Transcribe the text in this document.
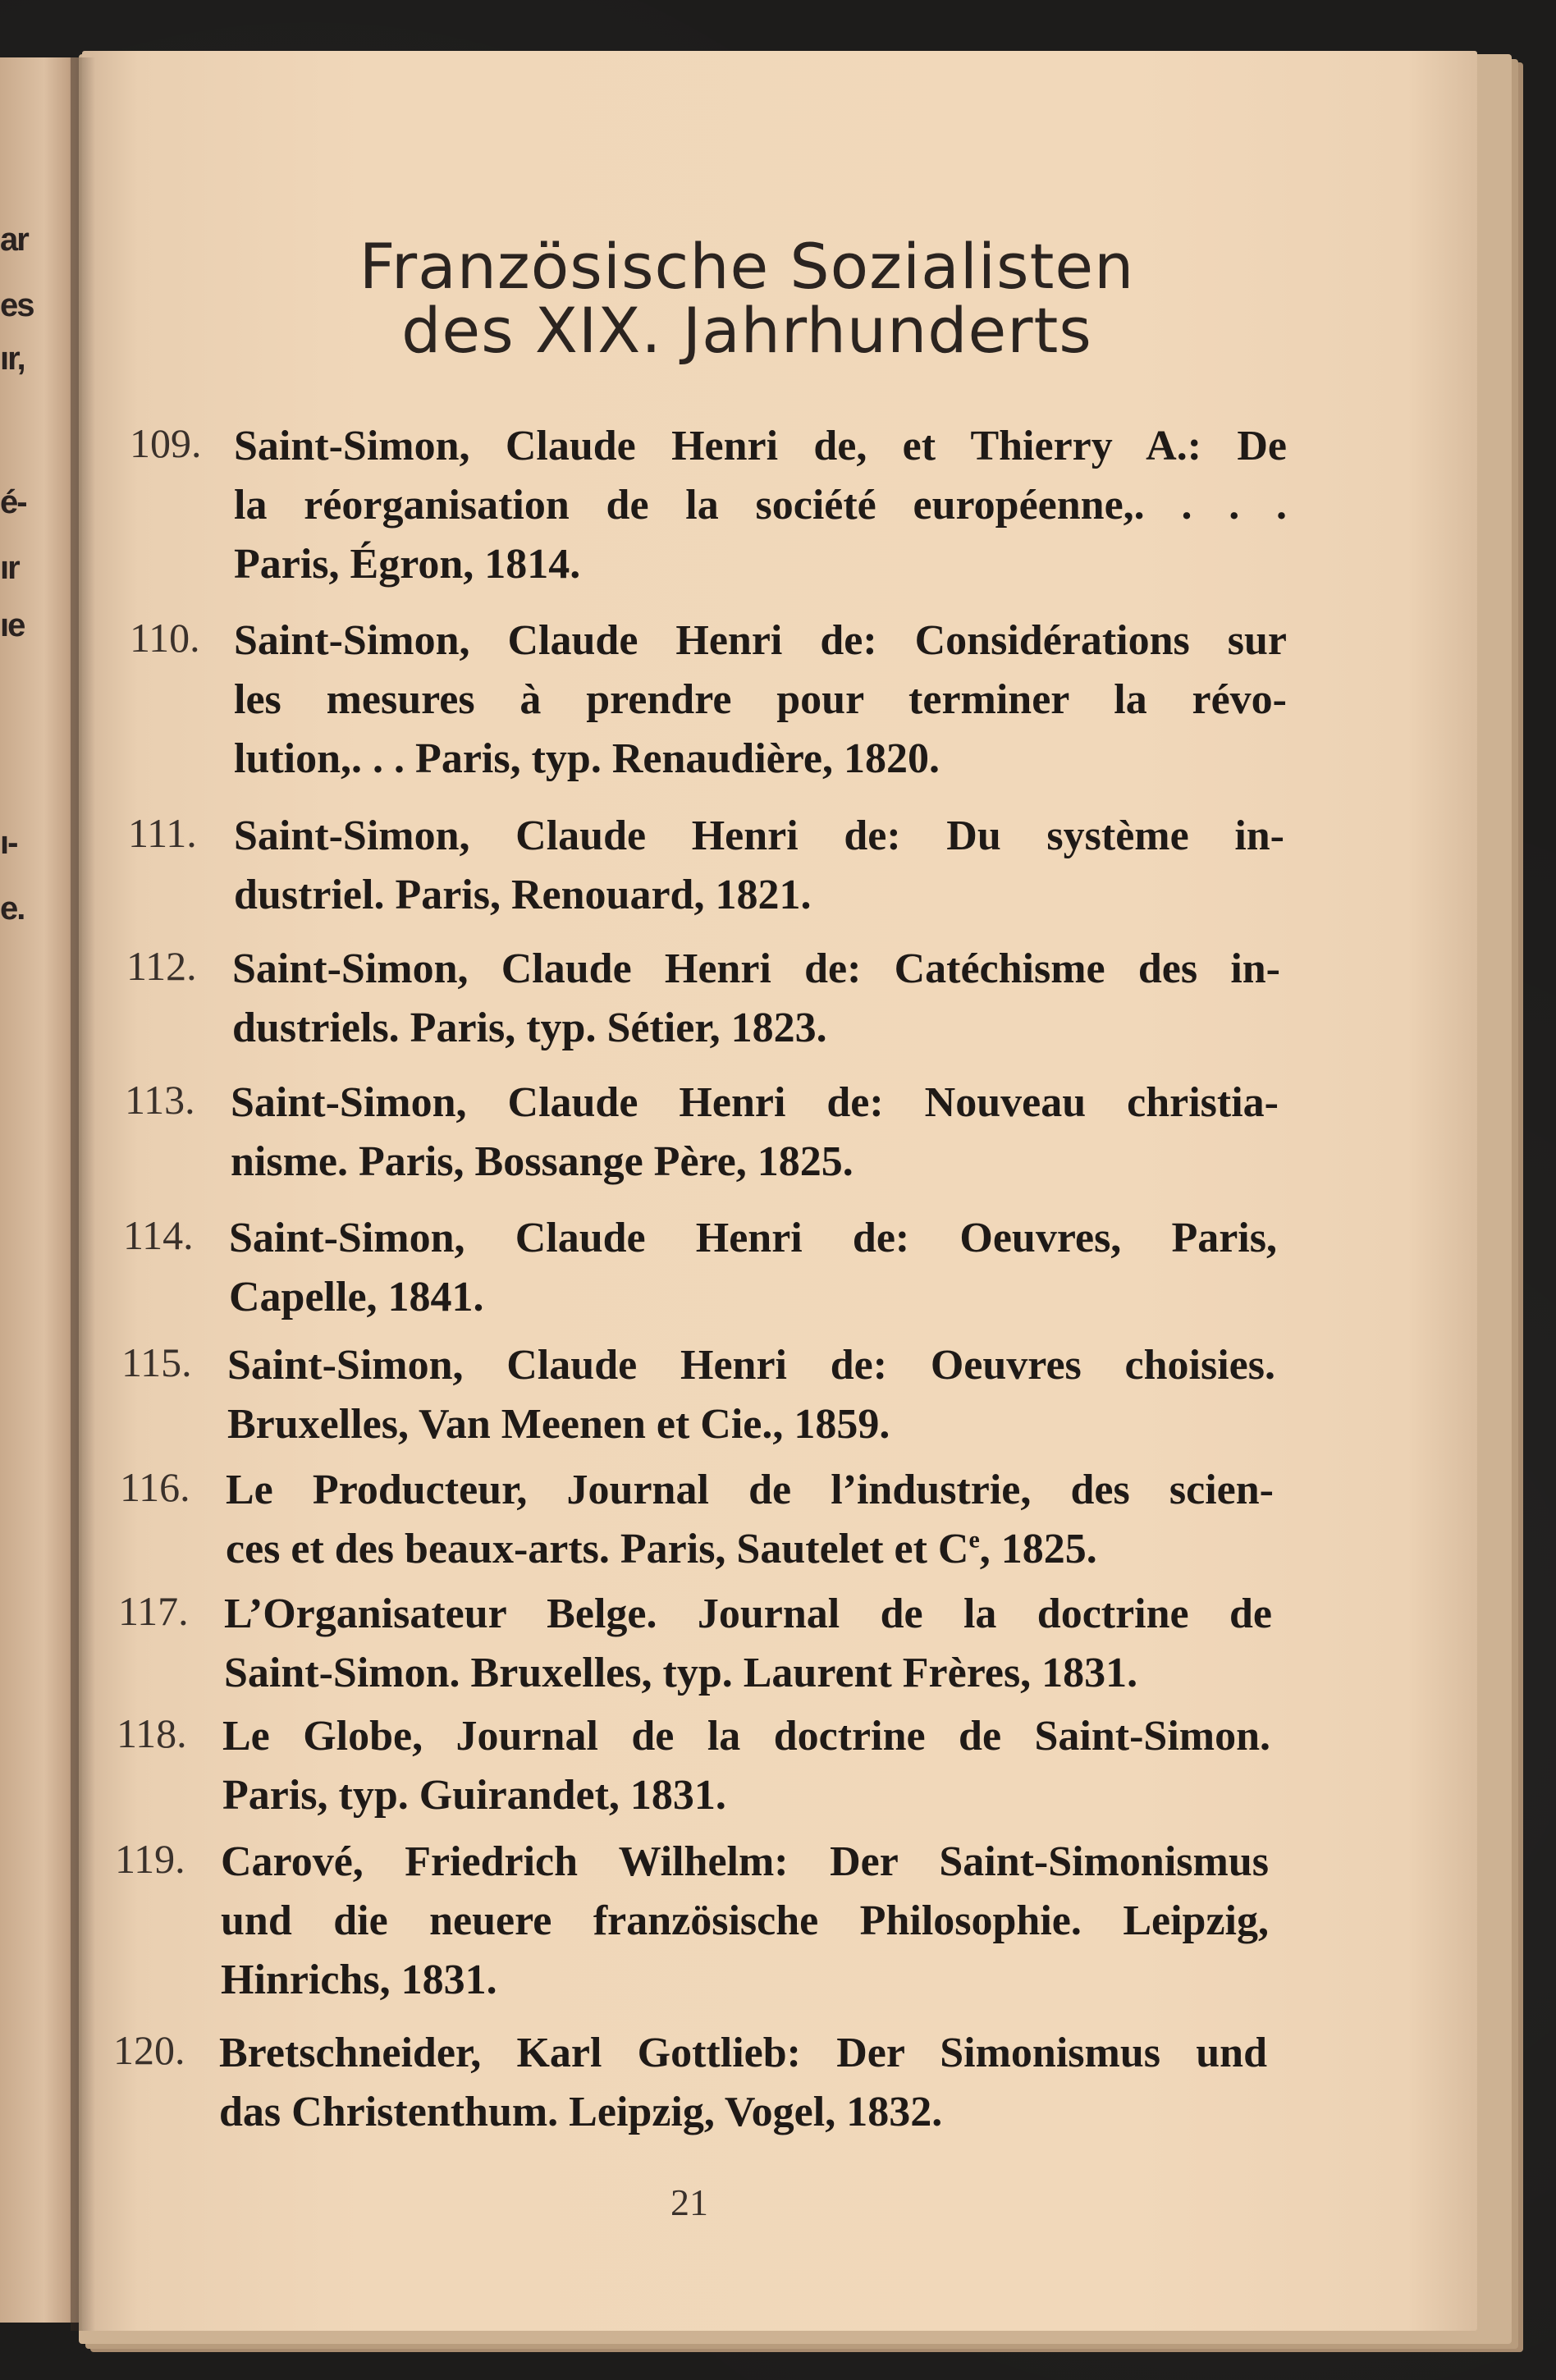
ar
es
ır,
é-
ır
ıe
ı-
e.
Französische Sozialisten
des XIX. Jahrhunderts
109. Saint-Simon, Claude Henri de, et Thierry A.: De
la réorganisation de la société européenne,. . . .
Paris, Égron, 1814.
110. Saint-Simon, Claude Henri de: Considérations sur
les mesures à prendre pour terminer la révo-
lution,. . . Paris, typ. Renaudière, 1820.
111. Saint-Simon, Claude Henri de: Du système in-
dustriel. Paris, Renouard, 1821.
112. Saint-Simon, Claude Henri de: Catéchisme des in-
dustriels. Paris, typ. Sétier, 1823.
113. Saint-Simon, Claude Henri de: Nouveau christia-
nisme. Paris, Bossange Père, 1825.
114. Saint-Simon, Claude Henri de: Oeuvres, Paris,
Capelle, 1841.
115. Saint-Simon, Claude Henri de: Oeuvres choisies.
Bruxelles, Van Meenen et Cie., 1859.
116. Le Producteur, Journal de l’industrie, des scien-
ces et des beaux-arts. Paris, Sautelet et Ce, 1825.
117. L’Organisateur Belge. Journal de la doctrine de
Saint-Simon. Bruxelles, typ. Laurent Frères, 1831.
118. Le Globe, Journal de la doctrine de Saint-Simon.
Paris, typ. Guirandet, 1831.
119. Carové, Friedrich Wilhelm: Der Saint-Simonismus
und die neuere französische Philosophie. Leipzig,
Hinrichs, 1831.
120. Bretschneider, Karl Gottlieb: Der Simonismus und
das Christenthum. Leipzig, Vogel, 1832.
21
